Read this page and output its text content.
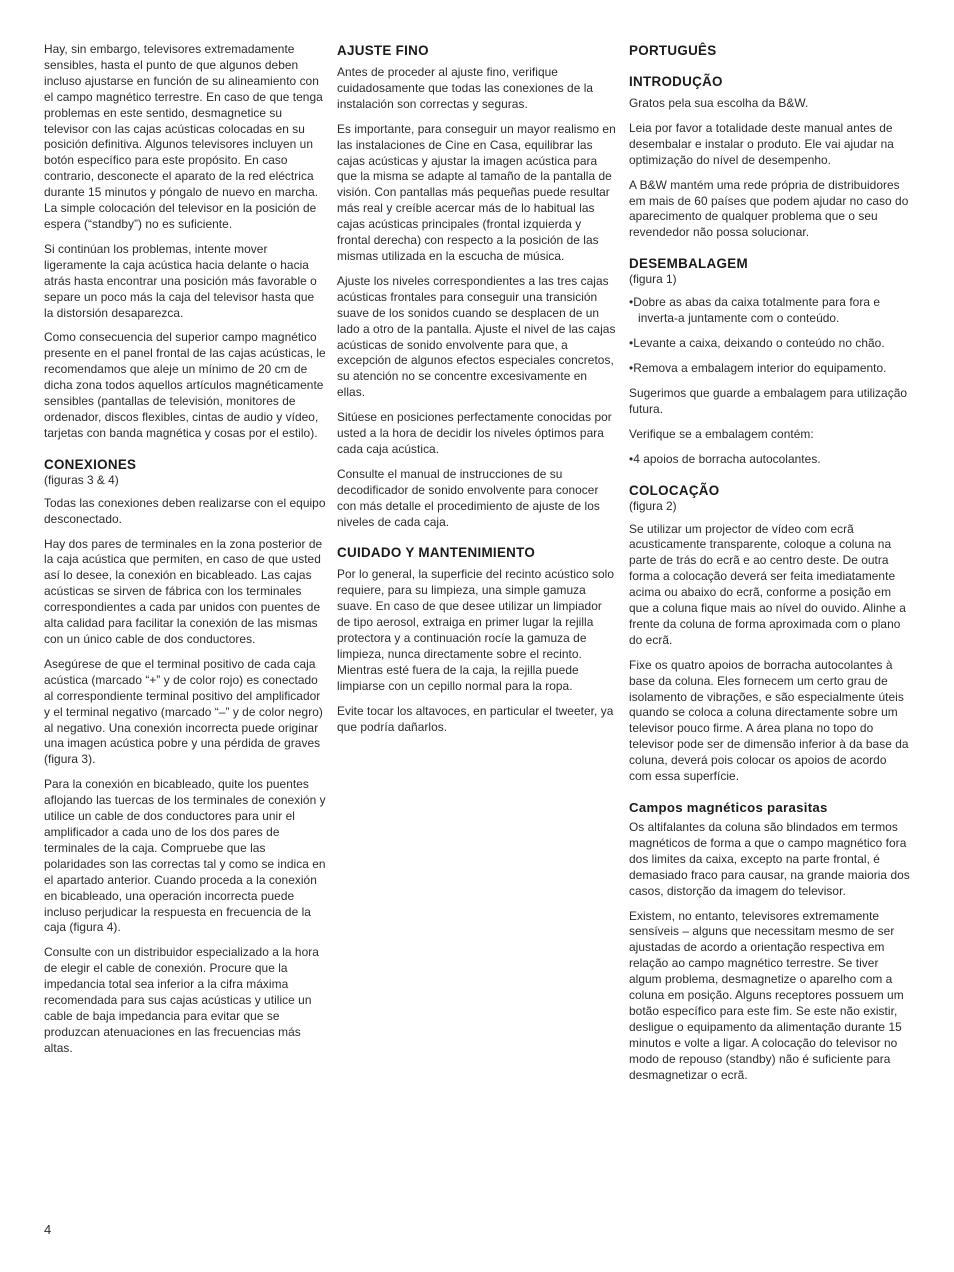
Hay, sin embargo, televisores extremadamente sensibles, hasta el punto de que algunos deben incluso ajustarse en función de su alineamiento con el campo magnético terrestre. En caso de que tenga problemas en este sentido, desmagnetice su televisor con las cajas acústicas colocadas en su posición definitiva. Algunos televisores incluyen un botón específico para este propósito. En caso contrario, desconecte el aparato de la red eléctrica durante 15 minutos y póngalo de nuevo en marcha. La simple colocación del televisor en la posición de espera (“standby”) no es suficiente.

Si continúan los problemas, intente mover ligeramente la caja acústica hacia delante o hacia atrás hasta encontrar una posición más favorable o separe un poco más la caja del televisor hasta que la distorsión desaparezca.

Como consecuencia del superior campo magnético presente en el panel frontal de las cajas acústicas, le recomendamos que aleje un mínimo de 20 cm de dicha zona todos aquellos artículos magnéticamente sensibles (pantallas de televisión, monitores de ordenador, discos flexibles, cintas de audio y vídeo, tarjetas con banda magnética y cosas por el estilo).

CONEXIONES
(figuras 3 & 4)

Todas las conexiones deben realizarse con el equipo desconectado.

Hay dos pares de terminales en la zona posterior de la caja acústica que permiten, en caso de que usted así lo desee, la conexión en bicableado. Las cajas acústicas se sirven de fábrica con los terminales correspondientes a cada par unidos con puentes de alta calidad para facilitar la conexión de las mismas con un único cable de dos conductores.

Asegúrese de que el terminal positivo de cada caja acústica (marcado “+” y de color rojo) es conectado al correspondiente terminal positivo del amplificador y el terminal negativo (marcado “–” y de color negro) al negativo. Una conexión incorrecta puede originar una imagen acústica pobre y una pérdida de graves (figura 3).

Para la conexión en bicableado, quite los puentes aflojando las tuercas de los terminales de conexión y utilice un cable de dos conductores para unir el amplificador a cada uno de los dos pares de terminales de la caja. Compruebe que las polaridades son las correctas tal y como se indica en el apartado anterior. Cuando proceda a la conexión en bicableado, una operación incorrecta puede incluso perjudicar la respuesta en frecuencia de la caja (figura 4).

Consulte con un distribuidor especializado a la hora de elegir el cable de conexión. Procure que la impedancia total sea inferior a la cifra máxima recomendada para sus cajas acústicas y utilice un cable de baja impedancia para evitar que se produzcan atenuaciones en las frecuencias más altas.

AJUSTE FINO

Antes de proceder al ajuste fino, verifique cuidadosamente que todas las conexiones de la instalación son correctas y seguras.

Es importante, para conseguir un mayor realismo en las instalaciones de Cine en Casa, equilibrar las cajas acústicas y ajustar la imagen acústica para que la misma se adapte al tamaño de la pantalla de visión. Con pantallas más pequeñas puede resultar más real y creíble acercar más de lo habitual las cajas acústicas principales (frontal izquierda y frontal derecha) con respecto a la posición de las mismas utilizada en la escucha de música.

Ajuste los niveles correspondientes a las tres cajas acústicas frontales para conseguir una transición suave de los sonidos cuando se desplacen de un lado a otro de la pantalla. Ajuste el nivel de las cajas acústicas de sonido envolvente para que, a excepción de algunos efectos especiales concretos, su atención no se concentre excesivamente en ellas.

Sitúese en posiciones perfectamente conocidas por usted a la hora de decidir los niveles óptimos para cada caja acústica.

Consulte el manual de instrucciones de su decodificador de sonido envolvente para conocer con más detalle el procedimiento de ajuste de los niveles de cada caja.

CUIDADO Y MANTENIMIENTO

Por lo general, la superficie del recinto acústico solo requiere, para su limpieza, una simple gamuza suave. En caso de que desee utilizar un limpiador de tipo aerosol, extraiga en primer lugar la rejilla protectora y a continuación rocíe la gamuza de limpieza, nunca directamente sobre el recinto. Mientras esté fuera de la caja, la rejilla puede limpiarse con un cepillo normal para la ropa.

Evite tocar los altavoces, en particular el tweeter, ya que podría dañarlos.

PORTUGUÊS
INTRODUÇÃO

Gratos pela sua escolha da B&W.

Leia por favor a totalidade deste manual antes de desembalar e instalar o produto. Ele vai ajudar na optimização do nível de desempenho.

A B&W mantém uma rede própria de distribuidores em mais de 60 países que podem ajudar no caso do aparecimento de qualquer problema que o seu revendedor não possa solucionar.

DESEMBALAGEM
(figura 1)

•Dobre as abas da caixa totalmente para fora e inverta-a juntamente com o conteúdo.

•Levante a caixa, deixando o conteúdo no chão.

•Remova a embalagem interior do equipamento.

Sugerimos que guarde a embalagem para utilização futura.

Verifique se a embalagem contém:

•4 apoios de borracha autocolantes.

COLOCAÇÃO
(figura 2)

Se utilizar um projector de vídeo com ecrã acusticamente transparente, coloque a coluna na parte de trás do ecrã e ao centro deste. De outra forma a colocação deverá ser feita imediatamente acima ou abaixo do ecrã, conforme a posição em que a coluna fique mais ao nível do ouvido. Alinhe a frente da coluna de forma aproximada com o plano do ecrã.

Fixe os quatro apoios de borracha autocolantes à base da coluna. Eles fornecem um certo grau de isolamento de vibrações, e são especialmente úteis quando se coloca a coluna directamente sobre um televisor pouco firme. A área plana no topo do televisor pode ser de dimensão inferior à da base da coluna, deverá pois colocar os apoios de acordo com essa superfície.

Campos magnéticos parasitas

Os altifalantes da coluna são blindados em termos magnéticos de forma a que o campo magnético fora dos limites da caixa, excepto na parte frontal, é demasiado fraco para causar, na grande maioria dos casos, distorção da imagem do televisor.

Existem, no entanto, televisores extremamente sensíveis – alguns que necessitam mesmo de ser ajustadas de acordo a orientação respectiva em relação ao campo magnético terrestre. Se tiver algum problema, desmagnetize o aparelho com a coluna em posição. Alguns receptores possuem um botão específico para este fim. Se este não existir, desligue o equipamento da alimentação durante 15 minutos e volte a ligar. A colocação do televisor no modo de repouso (standby) não é suficiente para desmagnetizar o ecrã.

4
